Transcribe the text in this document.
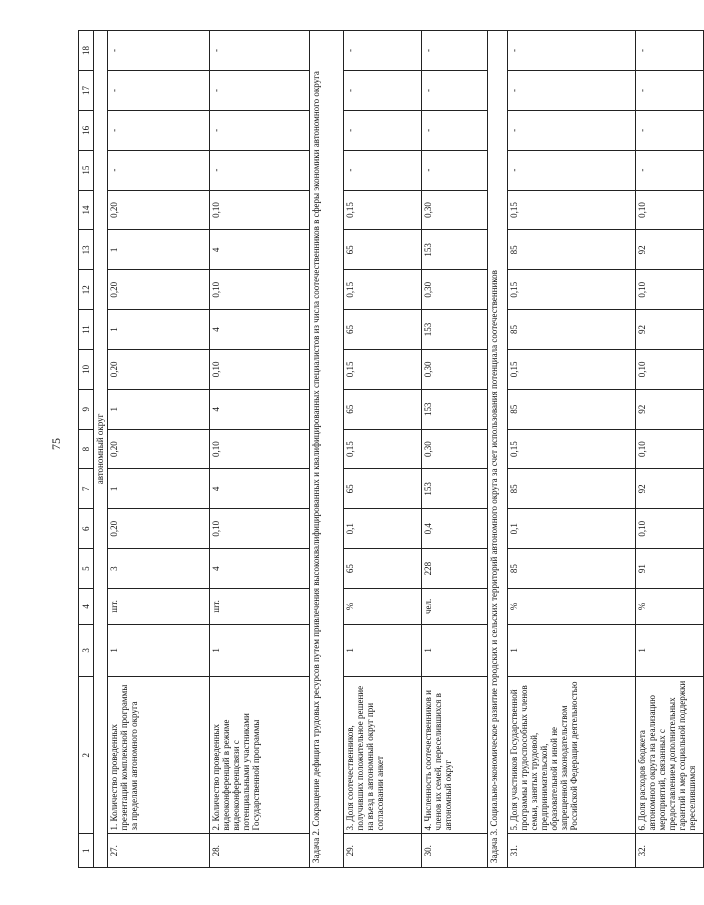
75
1	2	3	4	5	6	7	8	9	10	11	12	13	14	15	16	17	18
автономный округ																	
27.	1. Количество проведенных презентаций комплексной программы за пределами автономного округа	1	шт.	3	0,20	1	0,20	1	0,20	1	0,20	1	0,20	-	-	-	-
28.	2. Количество проведенных видеоконференций в режиме видеоконференцсвязи с потенциальными участниками Государственной программы	1	шт.	4	0,10	4	0,10	4	0,10	4	0,10	4	0,10	-	-	-	-
Задача 2. Сокращение дефицита трудовых ресурсов путем привлечения высококвалифицированных и квалифицированных специалистов из числа соотечественников в сферы экономики автономного округа																	
29.	3. Доля соотечественников, получивших положительное решение на въезд в автономный округ при согласовании анкет	1	%	65	0,1	65	0,15	65	0,15	65	0,15	65	0,15	-	-	-	-
30.	4. Численность соотечественников и членов их семей, переселившихся в автономный округ	1	чел.	228	0,4	153	0,30	153	0,30	153	0,30	153	0,30	-	-	-	-
Задача 3. Социально-экономическое развитие городских и сельских территорий автономного округа за счет использования потенциала соотечественников																	
31.	5. Доля участников Государственной программы и трудоспособных членов семьи, занятых трудовой, предпринимательской, образовательной и иной не запрещенной законодательством Российской Федерации деятельностью	1	%	85	0,1	85	0,15	85	0,15	85	0,15	85	0,15	-	-	-	-
32.	6. Доля расходов бюджета автономного округа на реализацию мероприятий, связанных с предоставлением дополнительных гарантий и мер социальной поддержки переселившимся	1	%	91	0,10	92	0,10	92	0,10	92	0,10	92	0,10	-	-	-	-
